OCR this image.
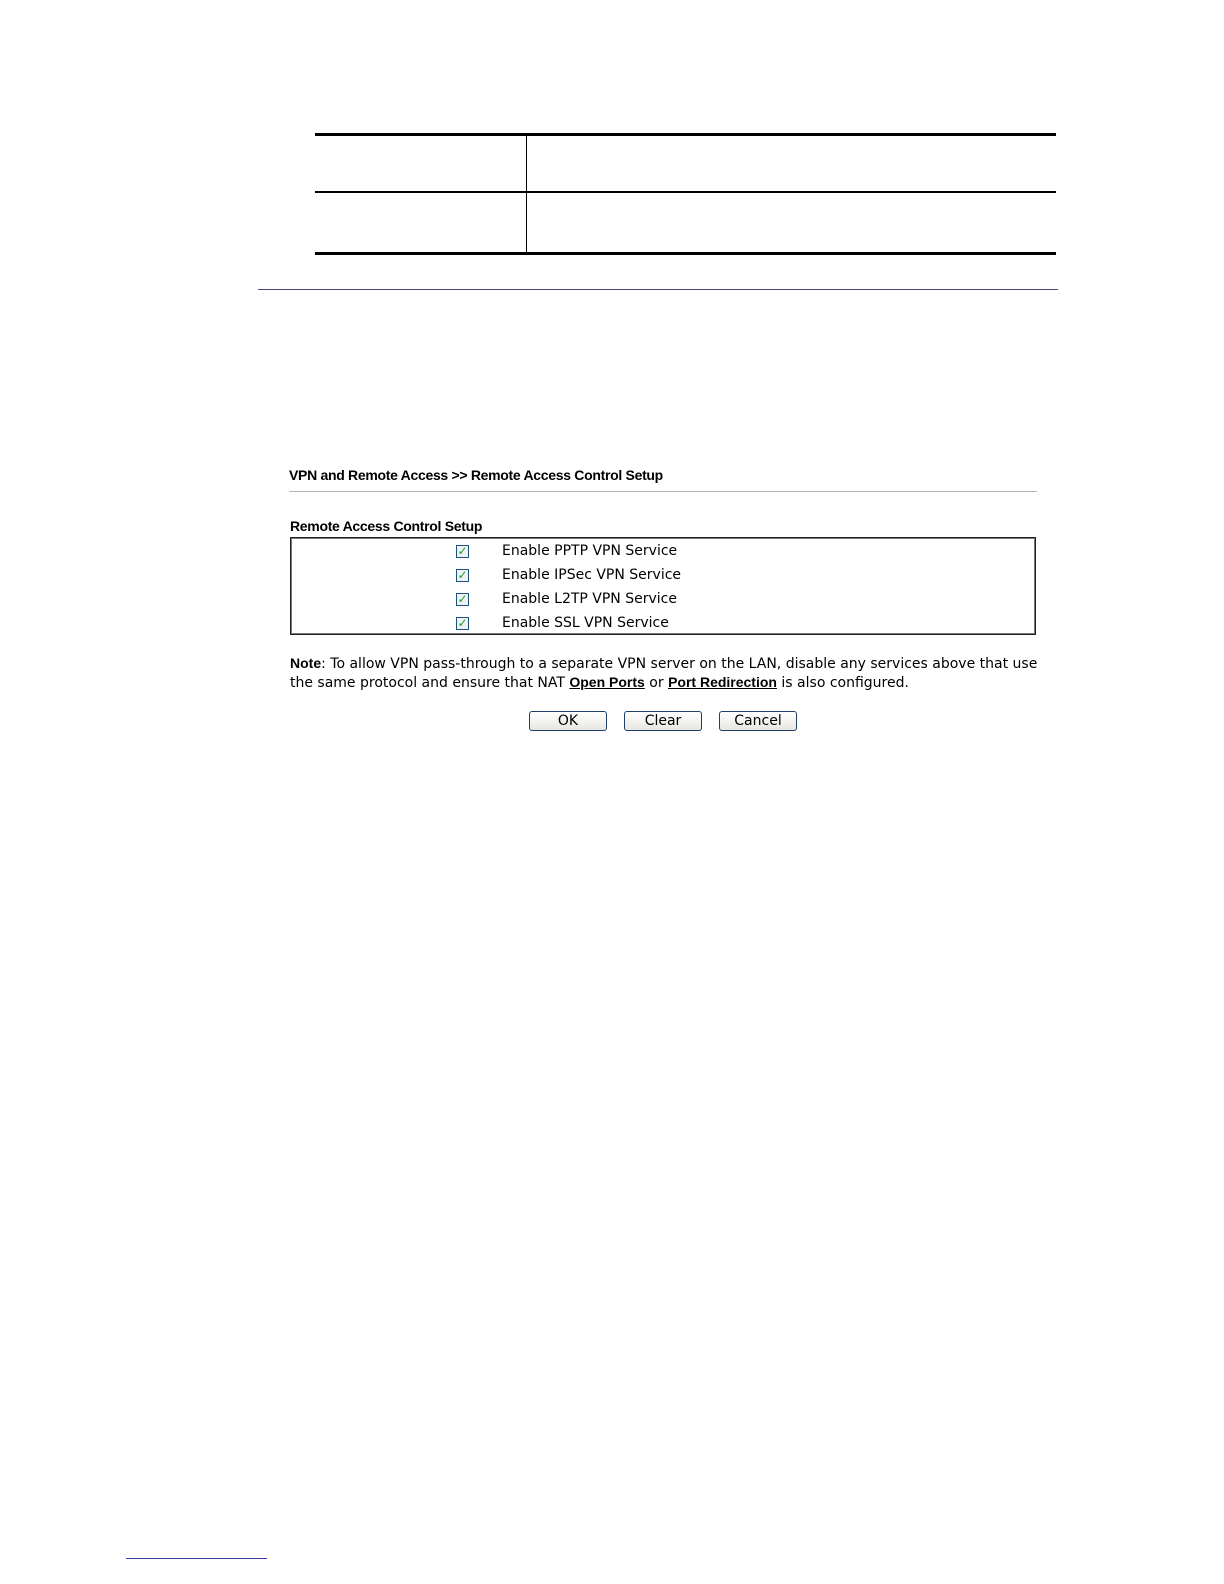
VPN and Remote Access >> Remote Access Control Setup
Remote Access Control Setup
✓ Enable PPTP VPN Service
✓ Enable IPSec VPN Service
✓ Enable L2TP VPN Service
✓ Enable SSL VPN Service
Note: To allow VPN pass-through to a separate VPN server on the LAN, disable any services above that use the same protocol and ensure that NAT Open Ports or Port Redirection is also configured.
OK	Clear	Cancel
